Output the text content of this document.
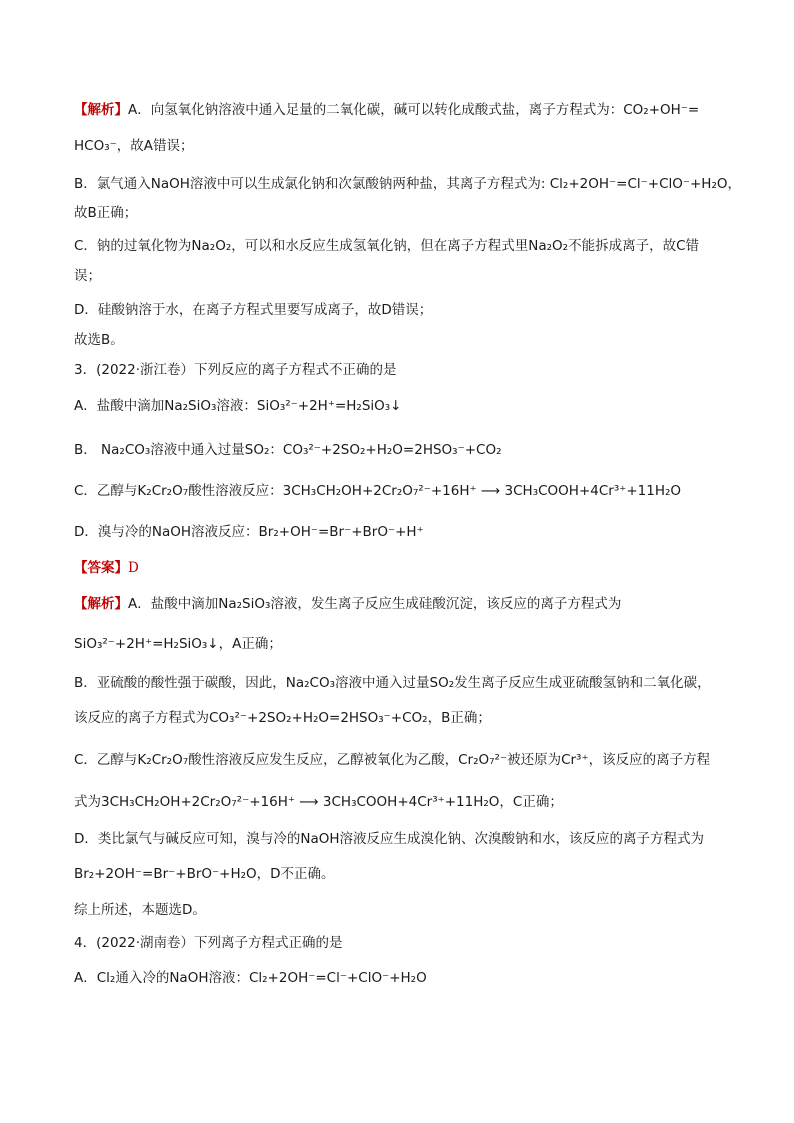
【解析】A．向氢氧化钠溶液中通入足量的二氧化碳，碱可以转化成酸式盐，离子方程式为：CO₂+OH⁻=
HCO₃⁻，故A错误；
B．氯气通入NaOH溶液中可以生成氯化钠和次氯酸钠两种盐，其离子方程式为: Cl₂+2OH⁻=Cl⁻+ClO⁻+H₂O，
故B正确；
C．钠的过氧化物为Na₂O₂，可以和水反应生成氢氧化钠，但在离子方程式里Na₂O₂不能拆成离子，故C错
误；
D．硅酸钠溶于水，在离子方程式里要写成离子，故D错误；
故选B。
3．(2022·浙江卷）下列反应的离子方程式不正确的是
A．盐酸中滴加Na₂SiO₃溶液：SiO₃²⁻+2H⁺=H₂SiO₃↓
B． Na₂CO₃溶液中通入过量SO₂：CO₃²⁻+2SO₂+H₂O=2HSO₃⁻+CO₂
C．乙醇与K₂Cr₂O₇酸性溶液反应：3CH₃CH₂OH+2Cr₂O₇²⁻+16H⁺ ⟶ 3CH₃COOH+4Cr³⁺+11H₂O
D．溴与冷的NaOH溶液反应：Br₂+OH⁻=Br⁻+BrO⁻+H⁺
【答案】D
【解析】A．盐酸中滴加Na₂SiO₃溶液，发生离子反应生成硅酸沉淀，该反应的离子方程式为
SiO₃²⁻+2H⁺=H₂SiO₃↓，A正确；
B．亚硫酸的酸性强于碳酸，因此，Na₂CO₃溶液中通入过量SO₂发生离子反应生成亚硫酸氢钠和二氧化碳，
该反应的离子方程式为CO₃²⁻+2SO₂+H₂O=2HSO₃⁻+CO₂，B正确；
C．乙醇与K₂Cr₂O₇酸性溶液反应发生反应，乙醇被氧化为乙酸，Cr₂O₇²⁻被还原为Cr³⁺，该反应的离子方程
式为3CH₃CH₂OH+2Cr₂O₇²⁻+16H⁺ ⟶ 3CH₃COOH+4Cr³⁺+11H₂O，C正确；
D．类比氯气与碱反应可知，溴与冷的NaOH溶液反应生成溴化钠、次溴酸钠和水，该反应的离子方程式为
Br₂+2OH⁻=Br⁻+BrO⁻+H₂O，D不正确。
综上所述，本题选D。
4．(2022·湖南卷）下列离子方程式正确的是
A．Cl₂通入冷的NaOH溶液：Cl₂+2OH⁻=Cl⁻+ClO⁻+H₂O
